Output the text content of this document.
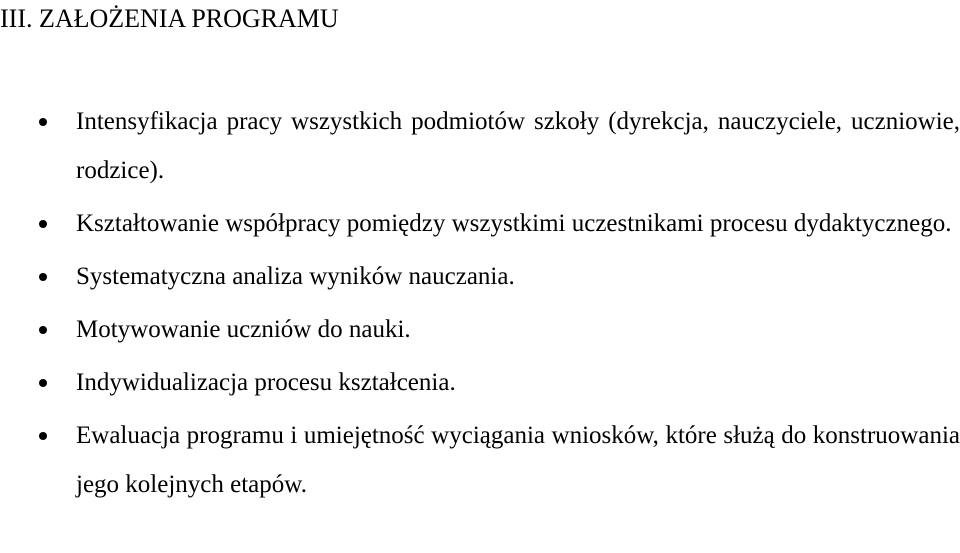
III. ZAŁOŻENIA PROGRAMU
Intensyfikacja pracy wszystkich podmiotów szkoły (dyrekcja, nauczyciele, uczniowie, rodzice).
Kształtowanie współpracy pomiędzy wszystkimi uczestnikami procesu dydaktycznego.
Systematyczna analiza wyników nauczania.
Motywowanie uczniów do nauki.
Indywidualizacja procesu kształcenia.
Ewaluacja programu i umiejętność wyciągania wniosków, które służą do konstruowania jego kolejnych etapów.
